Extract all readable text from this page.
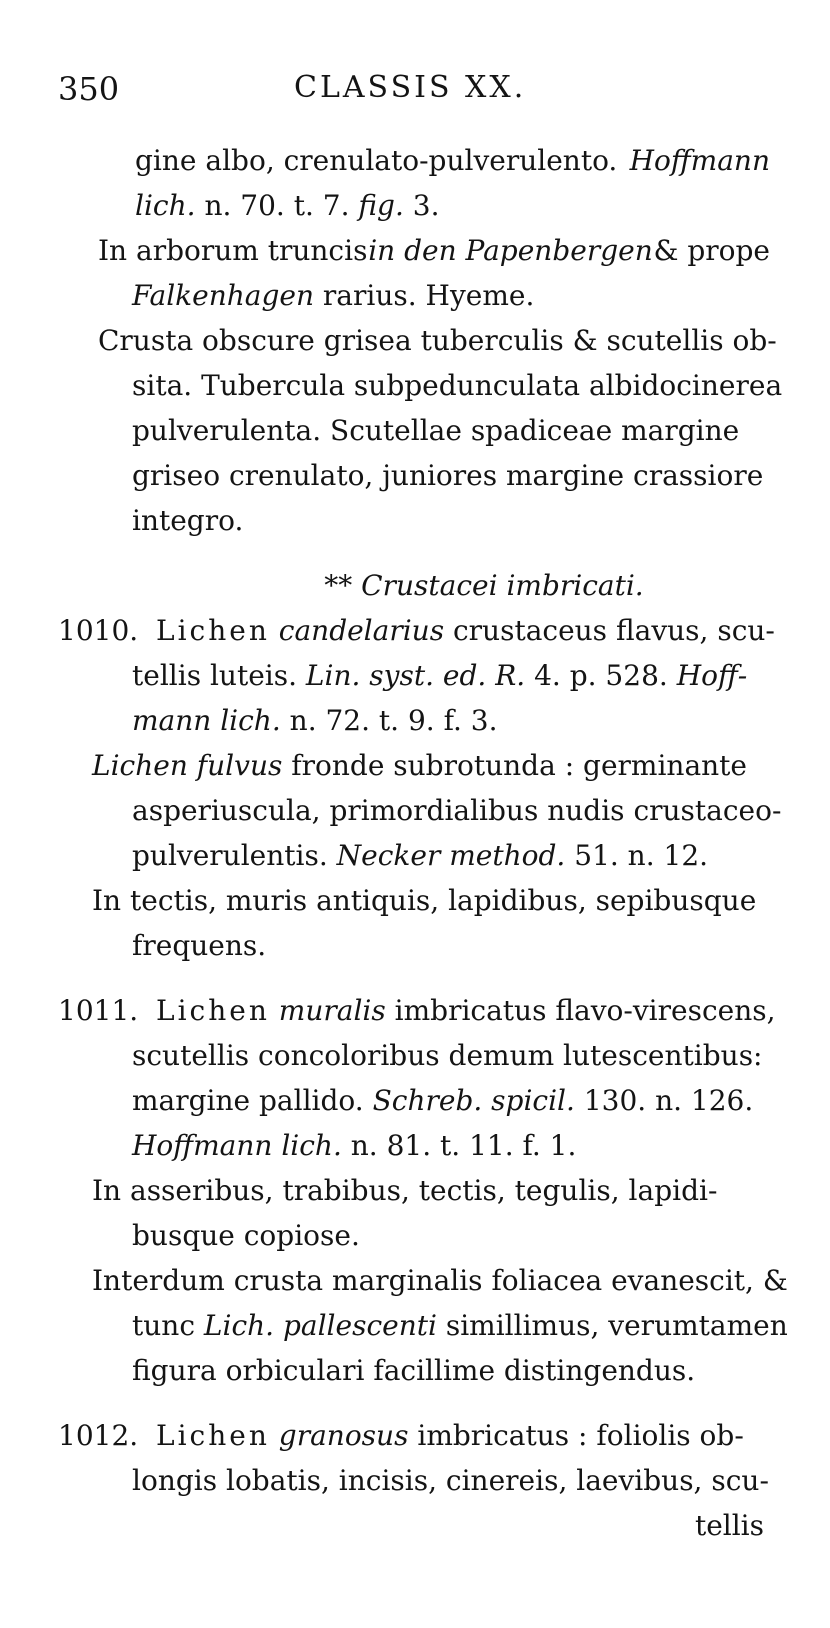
350	CLASSIS XX.
gine albo, crenulato-pulverulento. Hoffmann
lich. n. 70. t. 7. fig. 3.
In arborum truncis in den Papenbergen & prope
Falkenhagen rarius. Hyeme.
Crusta obscure grisea tuberculis & scutellis ob-
sita. Tubercula subpedunculata albidocinerea
pulverulenta. Scutellae spadiceae margine
griseo crenulato, juniores margine crassiore
integro.
** Crustacei imbricati.
1010. Lichen candelarius crustaceus flavus, scu-
tellis luteis. Lin. syst. ed. R. 4. p. 528. Hoff-
mann lich. n. 72. t. 9. f. 3.
Lichen fulvus fronde subrotunda : germinante
asperiuscula, primordialibus nudis crustaceo-
pulverulentis. Necker method. 51. n. 12.
In tectis, muris antiquis, lapidibus, sepibusque
frequens.
1011. Lichen muralis imbricatus flavo-virescens,
scutellis concoloribus demum lutescentibus:
margine pallido. Schreb. spicil. 130. n. 126.
Hoffmann lich. n. 81. t. 11. f. 1.
In asseribus, trabibus, tectis, tegulis, lapidi-
busque copiose.
Interdum crusta marginalis foliacea evanescit, &
tunc Lich. pallescenti simillimus, verumtamen
figura orbiculari facillime distingendus.
1012. Lichen granosus imbricatus : foliolis ob-
longis lobatis, incisis, cinereis, laevibus, scu-
tellis
